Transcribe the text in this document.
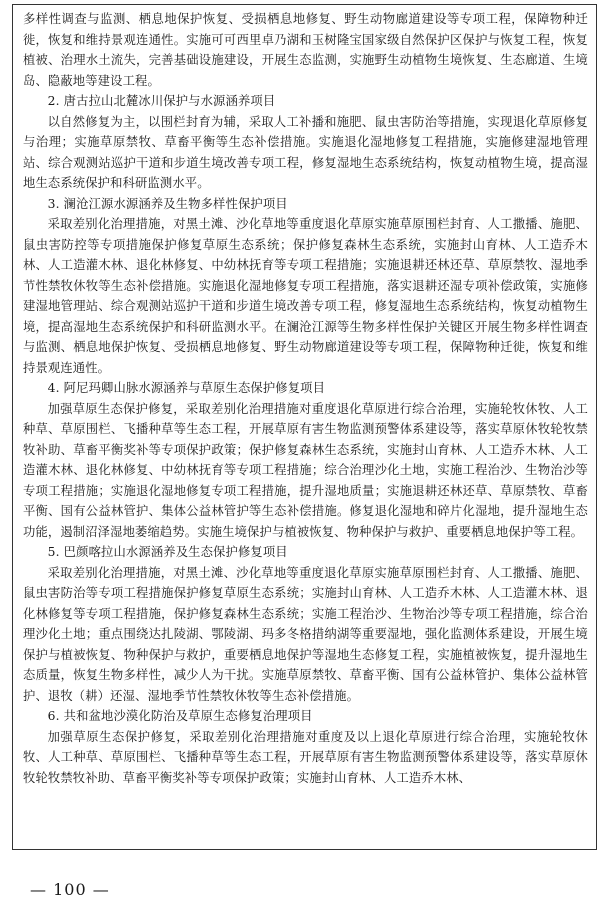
多样性调查与监测、栖息地保护恢复、受损栖息地修复、野生动物廊道建设等专项工程，保障物种迁徙，恢复和维持景观连通性。实施可可西里卓乃湖和玉树隆宝国家级自然保护区保护与恢复工程，恢复植被、治理水土流失，完善基础设施建设，开展生态监测，实施野生动植物生境恢复、生态廊道、生境岛、隐蔽地等建设工程。

2. 唐古拉山北麓冰川保护与水源涵养项目

以自然修复为主，以围栏封育为辅，采取人工补播和施肥、鼠虫害防治等措施，实现退化草原修复与治理；实施草原禁牧、草畜平衡等生态补偿措施。实施退化湿地修复工程措施，实施修建湿地管理站、综合观测站巡护干道和步道生境改善专项工程，修复湿地生态系统结构，恢复动植物生境，提高湿地生态系统保护和科研监测水平。

3. 澜沧江源水源涵养及生物多样性保护项目

采取差别化治理措施，对黑土滩、沙化草地等重度退化草原实施草原围栏封育、人工撒播、施肥、鼠虫害防控等专项措施保护修复草原生态系统；保护修复森林生态系统，实施封山育林、人工造乔木林、人工造灌木林、退化林修复、中幼林抚育等专项工程措施；实施退耕还林还草、草原禁牧、湿地季节性禁牧休牧等生态补偿措施。实施退化湿地修复专项工程措施，落实退耕还湿专项补偿政策，实施修建湿地管理站、综合观测站巡护干道和步道生境改善专项工程，修复湿地生态系统结构，恢复动植物生境，提高湿地生态系统保护和科研监测水平。在澜沧江源等生物多样性保护关键区开展生物多样性调查与监测、栖息地保护恢复、受损栖息地修复、野生动物廊道建设等专项工程，保障物种迁徙，恢复和维持景观连通性。

4. 阿尼玛卿山脉水源涵养与草原生态保护修复项目

加强草原生态保护修复，采取差别化治理措施对重度退化草原进行综合治理，实施轮牧休牧、人工种草、草原围栏、飞播种草等生态工程，开展草原有害生物监测预警体系建设等，落实草原休牧轮牧禁牧补助、草畜平衡奖补等专项保护政策；保护修复森林生态系统，实施封山育林、人工造乔木林、人工造灌木林、退化林修复、中幼林抚育等专项工程措施；综合治理沙化土地，实施工程治沙、生物治沙等专项工程措施；实施退化湿地修复专项工程措施，提升湿地质量；实施退耕还林还草、草原禁牧、草畜平衡、国有公益林管护、集体公益林管护等生态补偿措施。修复退化湿地和碎片化湿地，提升湿地生态功能，遏制沼泽湿地萎缩趋势。实施生境保护与植被恢复、物种保护与救护、重要栖息地保护等工程。

5. 巴颜喀拉山水源涵养及生态保护修复项目

采取差别化治理措施，对黑土滩、沙化草地等重度退化草原实施草原围栏封育、人工撒播、施肥、鼠虫害防治等专项工程措施保护修复草原生态系统；实施封山育林、人工造乔木林、人工造灌木林、退化林修复等专项工程措施，保护修复森林生态系统；实施工程治沙、生物治沙等专项工程措施，综合治理沙化土地；重点围绕达扎陵湖、鄂陵湖、玛多冬格措纳湖等重要湿地，强化监测体系建设，开展生境保护与植被恢复、物种保护与救护，重要栖息地保护等湿地生态修复工程，实施植被恢复，提升湿地生态质量，恢复生物多样性，减少人为干扰。实施草原禁牧、草畜平衡、国有公益林管护、集体公益林管护、退牧（耕）还湿、湿地季节性禁牧休牧等生态补偿措施。

6. 共和盆地沙漠化防治及草原生态修复治理项目

加强草原生态保护修复，采取差别化治理措施对重度及以上退化草原进行综合治理，实施轮牧休牧、人工种草、草原围栏、飞播种草等生态工程，开展草原有害生物监测预警体系建设等，落实草原休牧轮牧禁牧补助、草畜平衡奖补等专项保护政策；实施封山育林、人工造乔木林、

— 100 —
